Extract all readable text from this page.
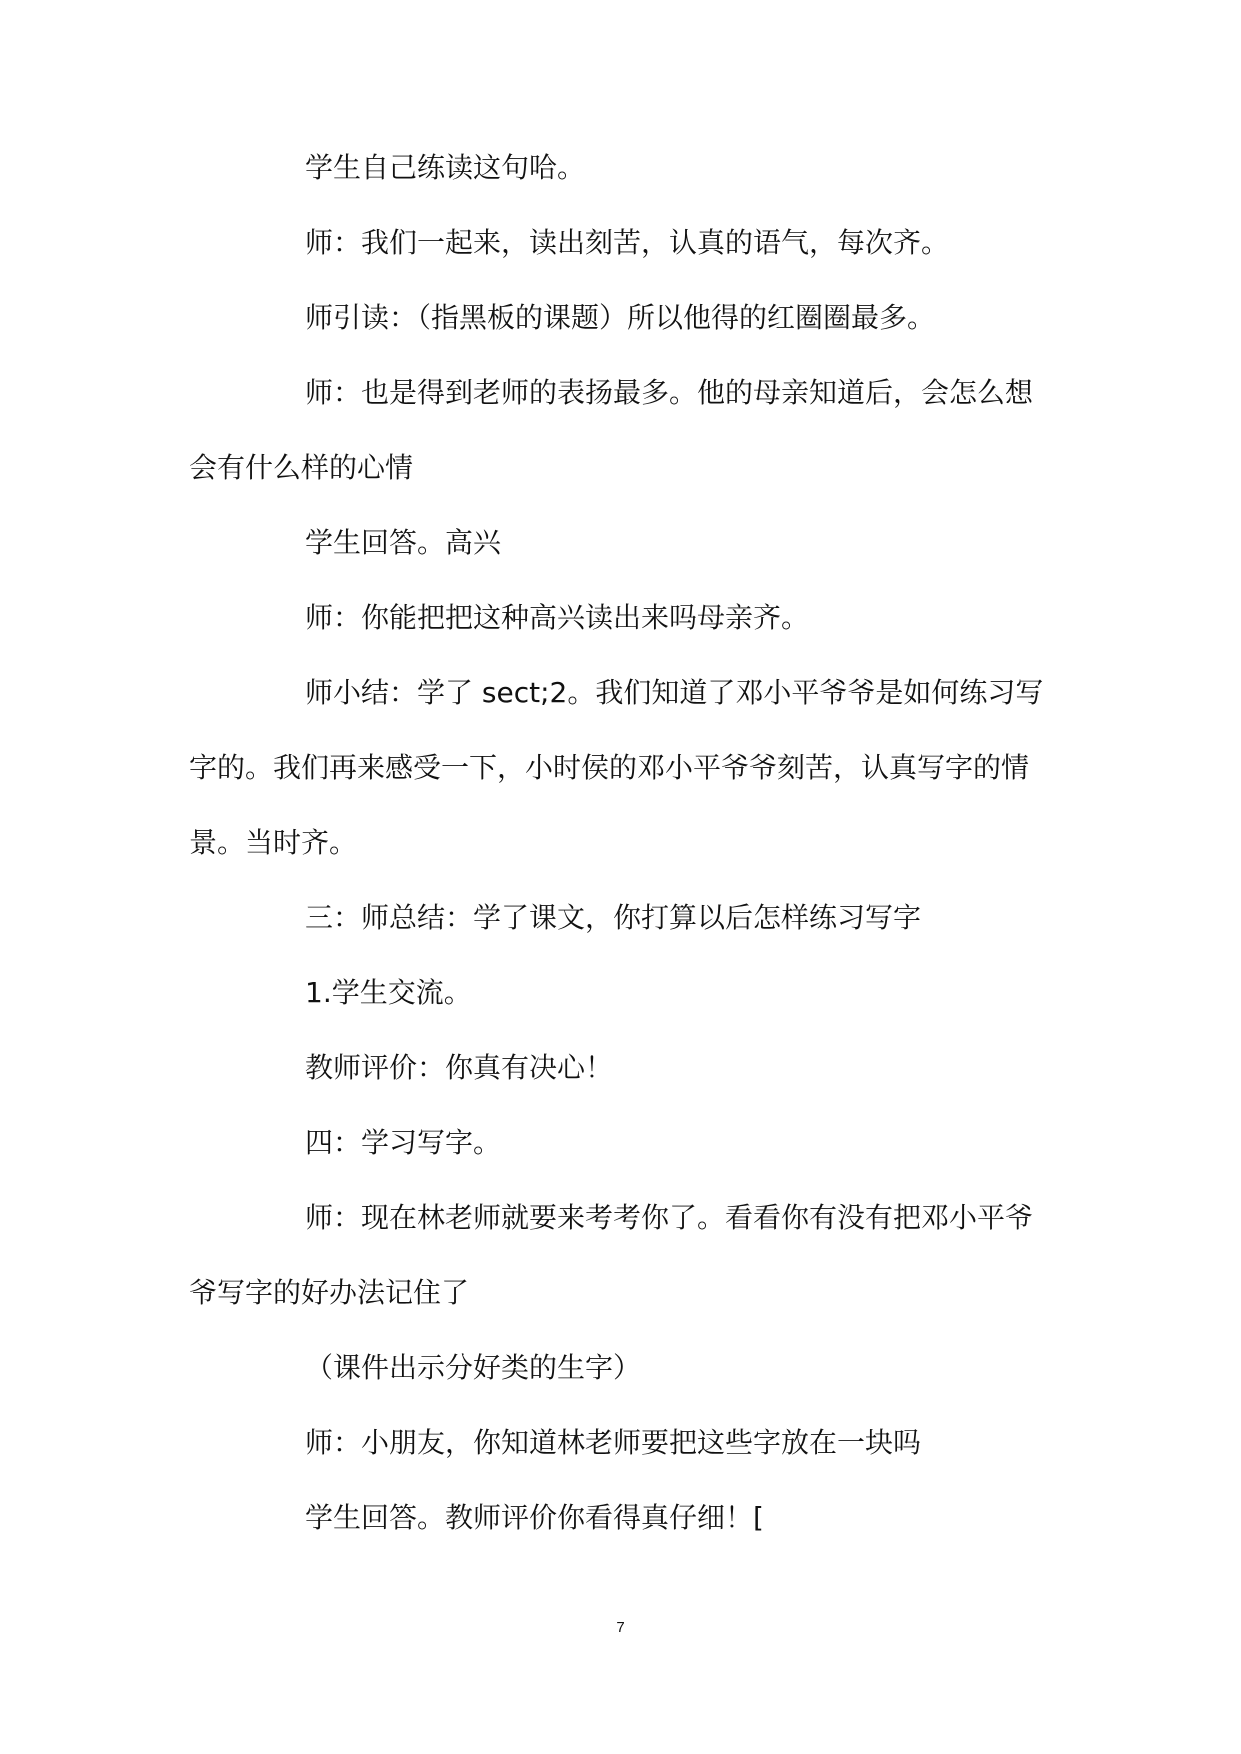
学生自己练读这句哈。
师：我们一起来，读出刻苦，认真的语气，每次齐。
师引读：（指黑板的课题）所以他得的红圈圈最多。
师：也是得到老师的表扬最多。他的母亲知道后，会怎么想
会有什么样的心情
学生回答。高兴
师：你能把把这种高兴读出来吗母亲齐。
师小结：学了 sect;2。我们知道了邓小平爷爷是如何练习写
字的。我们再来感受一下，小时侯的邓小平爷爷刻苦，认真写字的情
景。当时齐。
三：师总结：学了课文，你打算以后怎样练习写字
1.学生交流。
教师评价：你真有决心！
四：学习写字。
师：现在林老师就要来考考你了。看看你有没有把邓小平爷
爷写字的好办法记住了
（课件出示分好类的生字）
师：小朋友，你知道林老师要把这些字放在一块吗
学生回答。教师评价你看得真仔细！[
7
